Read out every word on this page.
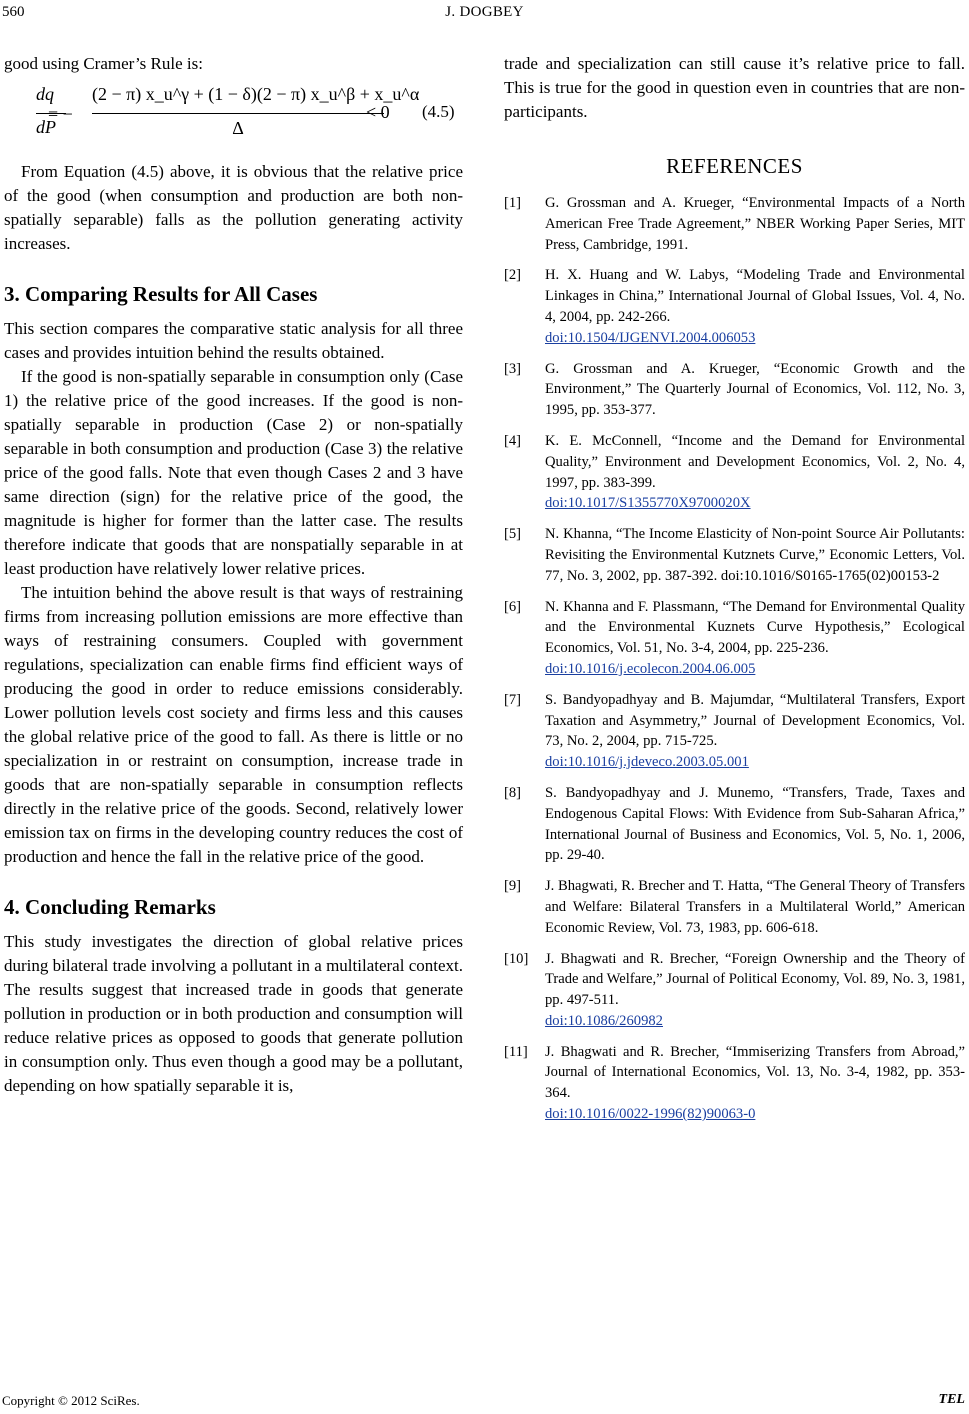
560	J. DOGBEY

good using Cramer’s Rule is:

dq
dP
= −
(2 − π) x_u^γ + (1 − δ)(2 − π) x_u^β + x_u^α
Δ
< 0 (4.5)

From Equation (4.5) above, it is obvious that the relative price of the good (when consumption and production are both non-spatially separable) falls as the pollution generating activity increases.

3. Comparing Results for All Cases

This section compares the comparative static analysis for all three cases and provides intuition behind the results obtained.

If the good is non-spatially separable in consumption only (Case 1) the relative price of the good increases. If the good is non-spatially separable in production (Case 2) or non-spatially separable in both consumption and production (Case 3) the relative price of the good falls. Note that even though Cases 2 and 3 have same direction (sign) for the relative price of the good, the magnitude is higher for former than the latter case. The results therefore indicate that goods that are nonspatially separable in at least production have relatively lower relative prices.

The intuition behind the above result is that ways of restraining firms from increasing pollution emissions are more effective than ways of restraining consumers. Coupled with government regulations, specialization can enable firms find efficient ways of producing the good in order to reduce emissions considerably. Lower pollution levels cost society and firms less and this causes the global relative price of the good to fall. As there is little or no specialization in or restraint on consumption, increase trade in goods that are non-spatially separable in consumption reflects directly in the relative price of the goods. Second, relatively lower emission tax on firms in the developing country reduces the cost of production and hence the fall in the relative price of the good.

4. Concluding Remarks

This study investigates the direction of global relative prices during bilateral trade involving a pollutant in a multilateral context. The results suggest that increased trade in goods that generate pollution in production or in both production and consumption will reduce relative prices as opposed to goods that generate pollution in consumption only. Thus even though a good may be a pollutant, depending on how spatially separable it is,

trade and specialization can still cause it’s relative price to fall. This is true for the good in question even in countries that are non-participants.

REFERENCES
[1] G. Grossman and A. Krueger, “Environmental Impacts of a North American Free Trade Agreement,” NBER Working Paper Series, MIT Press, Cambridge, 1991.
[2] H. X. Huang and W. Labys, “Modeling Trade and Environmental Linkages in China,” International Journal of Global Issues, Vol. 4, No. 4, 2004, pp. 242-266.
doi:10.1504/IJGENVI.2004.006053
[3] G. Grossman and A. Krueger, “Economic Growth and the Environment,” The Quarterly Journal of Economics, Vol. 112, No. 3, 1995, pp. 353-377.
[4] K. E. McConnell, “Income and the Demand for Environmental Quality,” Environment and Development Economics, Vol. 2, No. 4, 1997, pp. 383-399.
doi:10.1017/S1355770X9700020X
[5] N. Khanna, “The Income Elasticity of Non-point Source Air Pollutants: Revisiting the Environmental Kutznets Curve,” Economic Letters, Vol. 77, No. 3, 2002, pp. 387-392. doi:10.1016/S0165-1765(02)00153-2
[6] N. Khanna and F. Plassmann, “The Demand for Environmental Quality and the Environmental Kuznets Curve Hypothesis,” Ecological Economics, Vol. 51, No. 3-4, 2004, pp. 225-236.
doi:10.1016/j.ecolecon.2004.06.005
[7] S. Bandyopadhyay and B. Majumdar, “Multilateral Transfers, Export Taxation and Asymmetry,” Journal of Development Economics, Vol. 73, No. 2, 2004, pp. 715-725.
doi:10.1016/j.jdeveco.2003.05.001
[8] S. Bandyopadhyay and J. Munemo, “Transfers, Trade, Taxes and Endogenous Capital Flows: With Evidence from Sub-Saharan Africa,” International Journal of Business and Economics, Vol. 5, No. 1, 2006, pp. 29-40.
[9] J. Bhagwati, R. Brecher and T. Hatta, “The General Theory of Transfers and Welfare: Bilateral Transfers in a Multilateral World,” American Economic Review, Vol. 73, 1983, pp. 606-618.
[10] J. Bhagwati and R. Brecher, “Foreign Ownership and the Theory of Trade and Welfare,” Journal of Political Economy, Vol. 89, No. 3, 1981, pp. 497-511.
doi:10.1086/260982
[11] J. Bhagwati and R. Brecher, “Immiserizing Transfers from Abroad,” Journal of International Economics, Vol. 13, No. 3-4, 1982, pp. 353-364.
doi:10.1016/0022-1996(82)90063-0
Copyright © 2012 SciRes.	TEL
